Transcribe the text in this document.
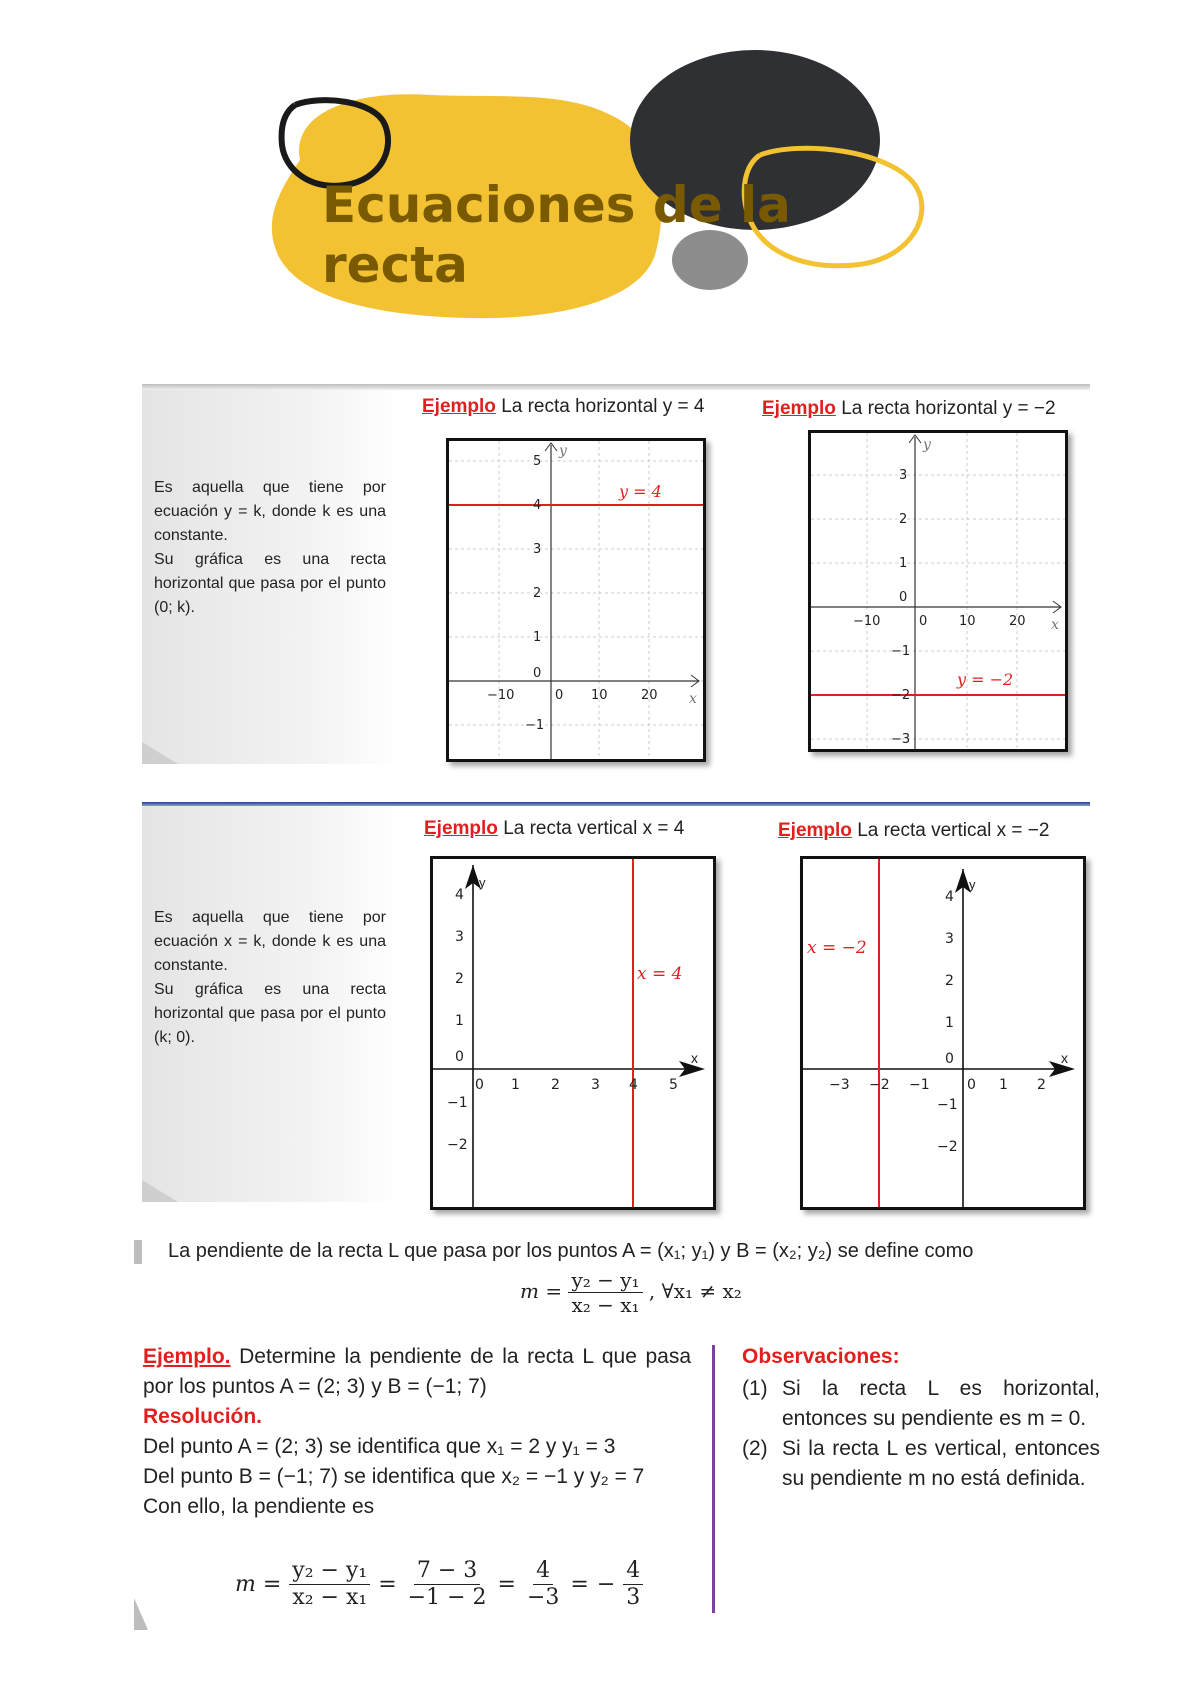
Ecuaciones de la recta

Es aquella que tiene por ecuación y = k, donde k es una constante.

Su gráfica es una recta horizontal que pasa por el punto (0; k).

Ejemplo La recta horizontal y = 4	Ejemplo La recta horizontal y = −2
y = 4
y
x
5
4
3
2
1
0
−1
−10	0 10	20
y = −2
y
x
3
2
1
0
−1
−2
−3
−10	0 10	20

Es aquella que tiene por ecuación x = k, donde k es una constante.

Su gráfica es una recta horizontal que pasa por el punto (k; 0).

Ejemplo La recta vertical x = 4	Ejemplo La recta vertical x = −2
x = 4
y
x
4
3
2
1
0
−1
−2
0 1 2 3 4 5
x = −2
y
x
4
3
2
1
0
−1
−2
−3 −2 −1	0 1 2
La pendiente de la recta L que pasa por los puntos A = (x₁; y₁) y B = (x₂; y₂) se define como
$m = \frac{\text{y₂ − y₁}}{\text{x₂ − x₁}}$ , ∀x₁ ≠ x₂

Ejemplo. Determine la pendiente de la recta L que pasa por los puntos A = (2; 3) y B = (−1; 7)

Resolución.

Del punto A = (2; 3) se identifica que x₁ = 2 y y₁ = 3

Del punto B = (−1; 7) se identifica que x₂ = −1 y y₂ = 7

Con ello, la pendiente es

$m = \frac{\text{y₂ − y₁}}{\text{x₂ − x₁}} = \frac{7 - 3}{-1 - 2} = \frac{4}{-3}$ = − $\frac{4}{3}$

Observaciones:

(1) Si la recta L es horizontal, entonces su pendiente es m = 0.
(2) Si la recta L es vertical, entonces su pendiente m no está definida.
